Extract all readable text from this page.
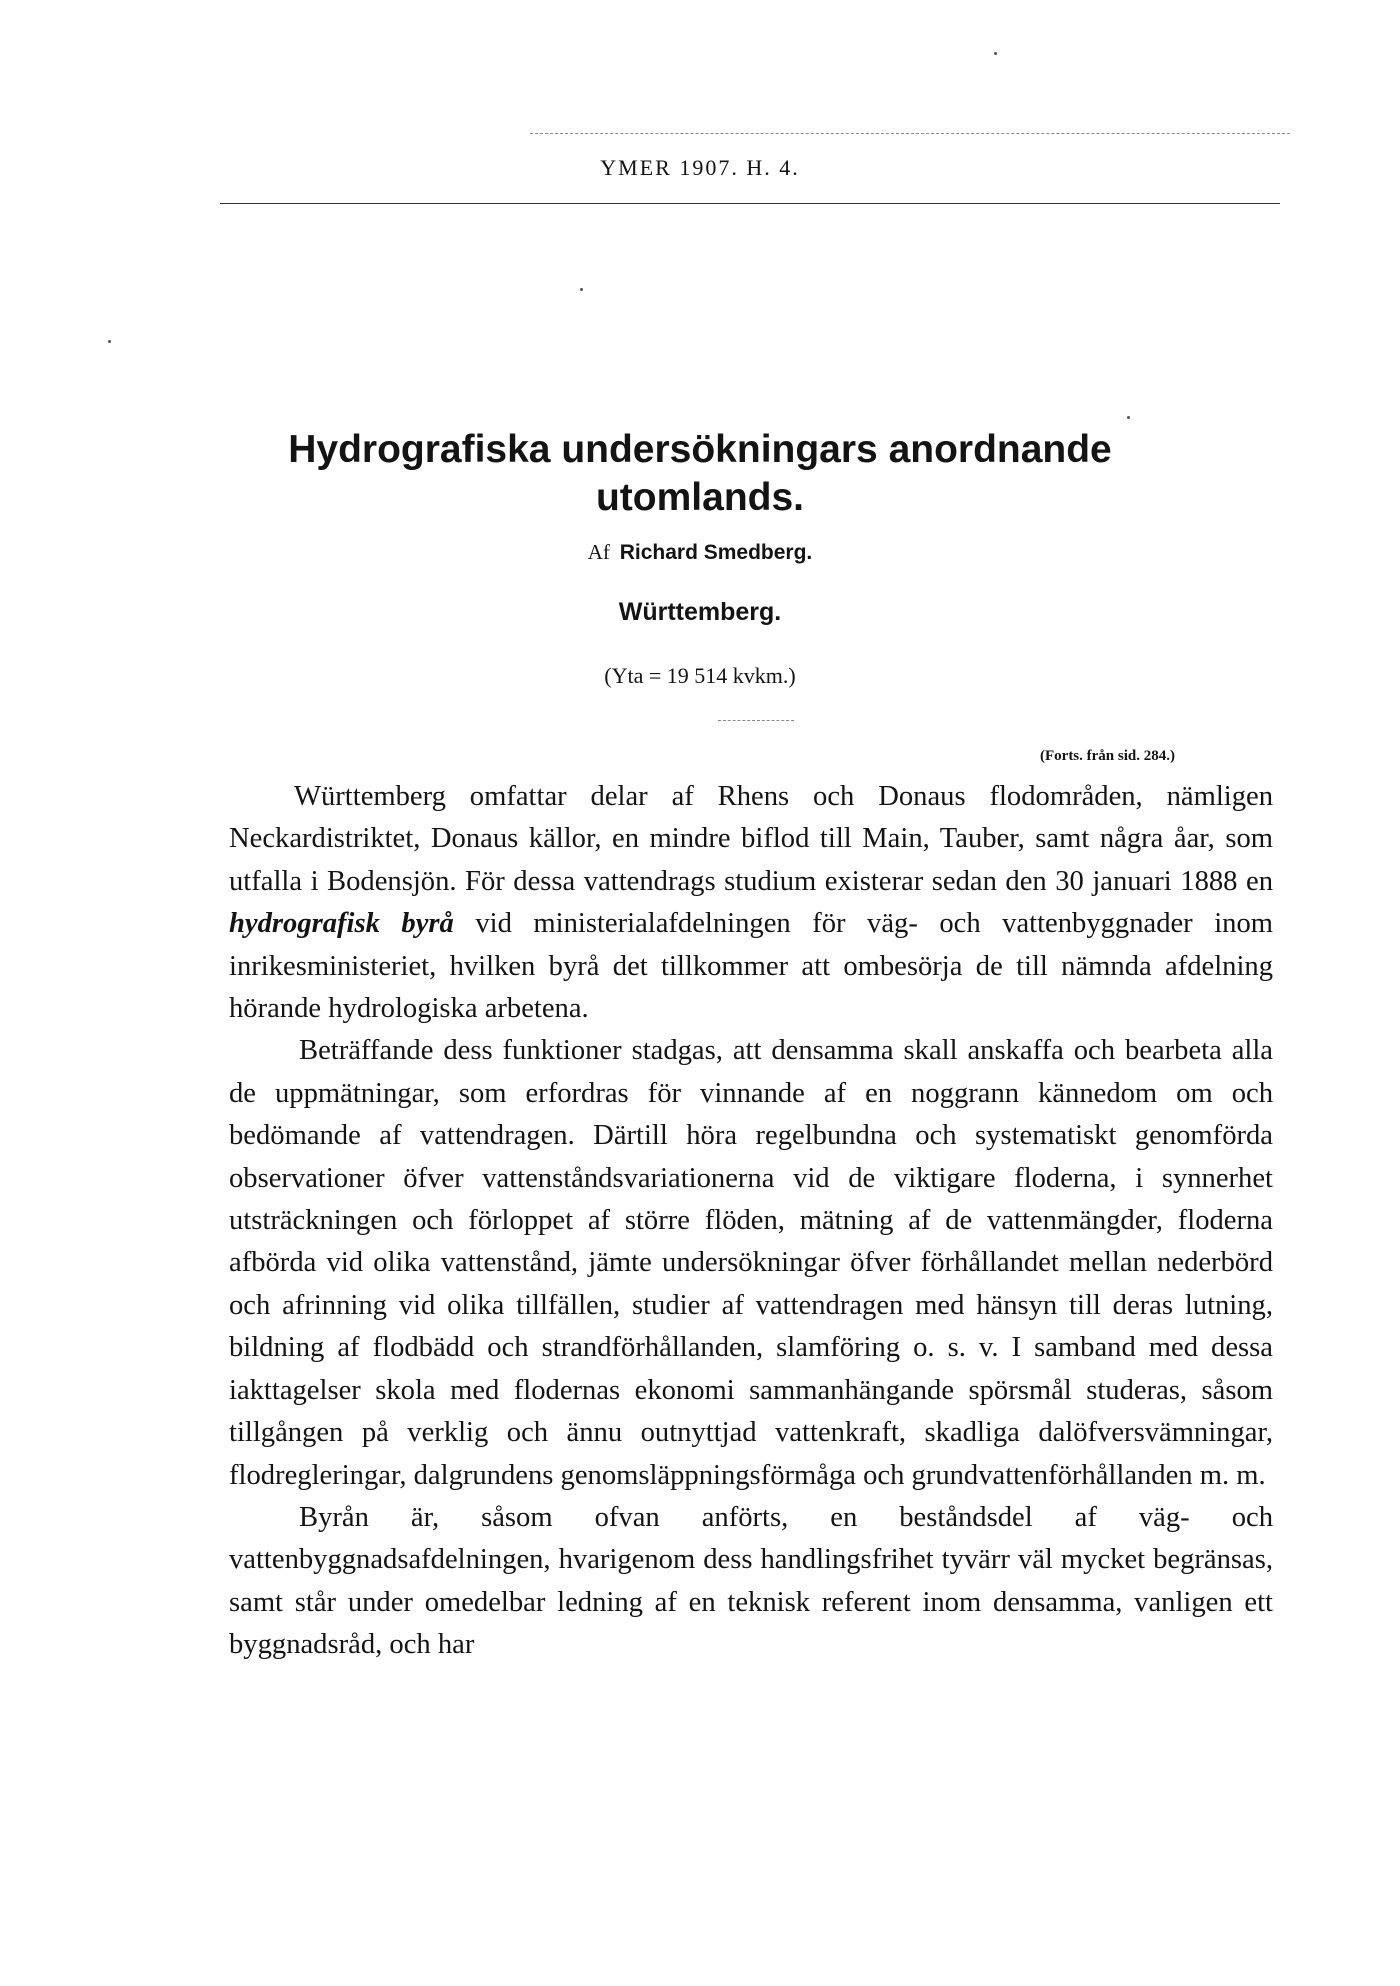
YMER 1907. H. 4.
Hydrografiska undersökningars anordnande utomlands.
Af Richard Smedberg.
Württemberg.
(Yta = 19 514 kvkm.)
(Forts. från sid. 284.)

Württemberg omfattar delar af Rhens och Donaus flodområden, nämligen Neckardistriktet, Donaus källor, en mindre biflod till Main, Tauber, samt några åar, som utfalla i Bodensjön. För dessa vattendrags studium existerar sedan den 30 januari 1888 en hydrografisk byrå vid ministerialafdelningen för väg- och vattenbyggnader inom inrikesministeriet, hvilken byrå det tillkommer att ombesörja de till nämnda afdelning hörande hydrologiska arbetena.

Beträffande dess funktioner stadgas, att densamma skall anskaffa och bearbeta alla de uppmätningar, som erfordras för vinnande af en noggrann kännedom om och bedömande af vattendragen. Därtill höra regelbundna och systematiskt genomförda observationer öfver vattenståndsvariationerna vid de viktigare floderna, i synnerhet utsträckningen och förloppet af större flöden, mätning af de vattenmängder, floderna afbörda vid olika vattenstånd, jämte undersökningar öfver förhållandet mellan nederbörd och afrinning vid olika tillfällen, studier af vattendragen med hänsyn till deras lutning, bildning af flodbädd och strandförhållanden, slamföring o. s. v. I samband med dessa iakttagelser skola med flodernas ekonomi sammanhängande spörsmål studeras, såsom tillgången på verklig och ännu outnyttjad vattenkraft, skadliga dalöfversvämningar, flodregleringar, dalgrundens genomsläppningsförmåga och grundvattenförhållanden m. m.

Byrån är, såsom ofvan anförts, en beståndsdel af väg- och vattenbyggnadsafdelningen, hvarigenom dess handlingsfrihet tyvärr väl mycket begränsas, samt står under omedelbar ledning af en teknisk referent inom densamma, vanligen ett byggnadsråd, och har
